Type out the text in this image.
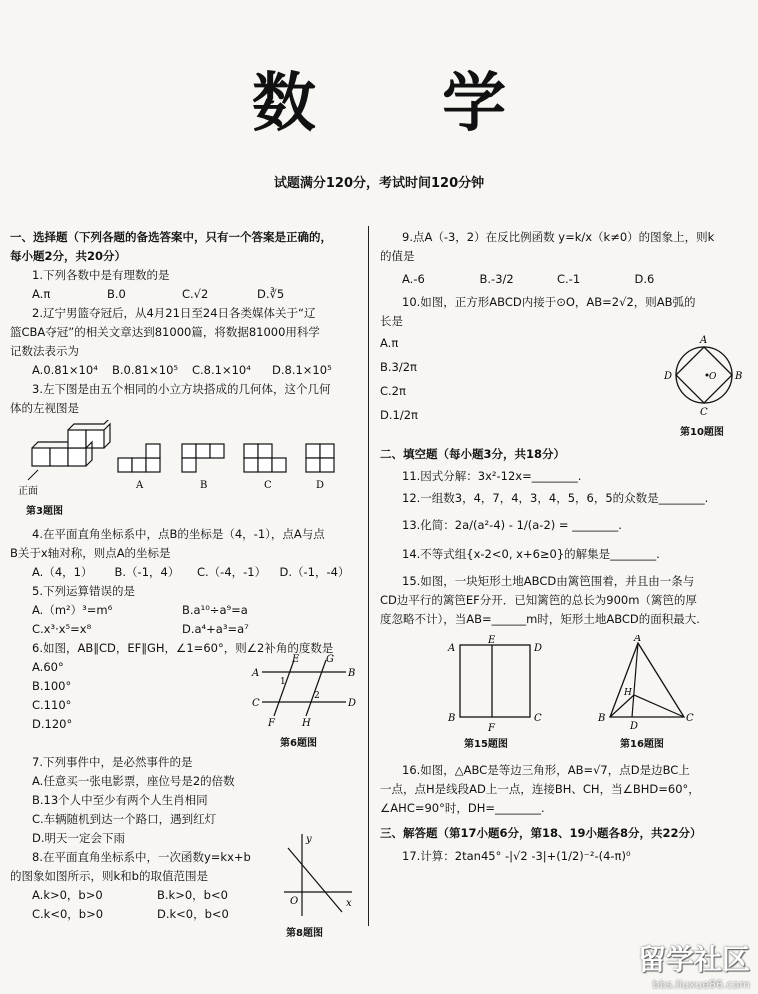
数 学
试题满分120分，考试时间120分钟
一、选择题（下列各题的备选答案中，只有一个答案是正确的，
每小题2分，共20分）
1.下列各数中是有理数的是
A.π	B.0	C.√2	D.∛5
2.辽宁男篮夺冠后，从4月21日至24日各类媒体关于“辽
篮CBA夺冠”的相关文章达到81000篇，将数据81000用科学
记数法表示为
A.0.81×10⁴	B.0.81×10⁵	C.8.1×10⁴	D.8.1×10⁵
3.左下图是由五个相同的小立方块搭成的几何体，这个几何
体的左视图是
正面
A	B	C	D
第3题图
4.在平面直角坐标系中，点B的坐标是（4，-1），点A与点
B关于x轴对称，则点A的坐标是
A.（4，1）	B.（-1，4）	C.（-4，-1）	D.（-1，-4）
5.下列运算错误的是
A.（m²）³=m⁶	B.a¹⁰÷a⁹=a
C.x³·x⁵=x⁸	D.a⁴+a³=a⁷
6.如图，AB∥CD，EF∥GH，∠1=60°，则∠2补角的度数是
A.60°
B.100°
C.110°
D.120°
A
E	G
B
1
2
C
F	H
D
第6题图
7.下列事件中，是必然事件的是
A.任意买一张电影票，座位号是2的倍数
B.13个人中至少有两个人生肖相同
C.车辆随机到达一个路口，遇到红灯
D.明天一定会下雨
8.在平面直角坐标系中，一次函数y=kx+b
的图象如图所示，则k和b的取值范围是
A.k>0，b>0	B.k>0，b<0
C.k<0，b>0	D.k<0，b<0
y
O	x
第8题图
9.点A（-3，2）在反比例函数 y=k/x（k≠0）的图象上，则k
的值是
A.-6	B.-3/2	C.-1	D.6
10.如图，正方形ABCD内接于⊙O，AB=2√2，则AB弧的
长是
A.π
B.3/2π
C.2π
D.1/2π
A
B
C
D	O
第10题图
二、填空题（每小题3分，共18分）
11.因式分解：3x²-12x=________.
12.一组数3，4，7，4，3，4，5，6，5的众数是________.
13.化简：2a/(a²-4) - 1/(a-2) = ________.
14.不等式组{x-2<0, x+6≥0}的解集是________.
15.如图，一块矩形土地ABCD由篱笆围着，并且由一条与
CD边平行的篱笆EF分开．已知篱笆的总长为900m（篱笆的厚
度忽略不计），当AB=______m时，矩形土地ABCD的面积最大.
A
E
D
B
F
C
第15题图
A
H
B
D
C
第16题图
16.如图，△ABC是等边三角形，AB=√7，点D是边BC上
一点，点H是线段AD上一点，连接BH、CH，当∠BHD=60°，
∠AHC=90°时，DH=________.
三、解答题（第17小题6分，第18、19小题各8分，共22分）
17.计算：2tan45° -|√2 -3|+(1/2)⁻²-(4-π)⁰
留学社区
bbs.liuxue86.com
